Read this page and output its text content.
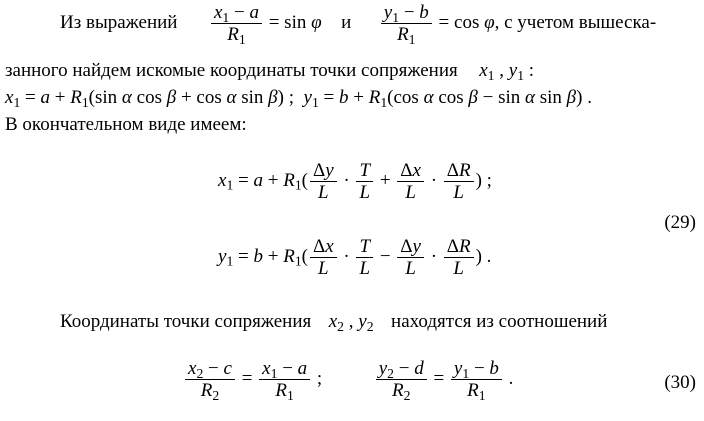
Из выражений $\frac{x_1 - a}{R_1} = \sin \varphi$ и $\frac{y_1 - b}{R_1} = \cos \varphi$, с учетом вышеска-
занного найдем искомые координаты точки сопряжения $x_1$ , $y_1$ :
$x_1 = a + R_1(\sin$ α cos β + cos α sin β) ;  $y_1 = b + R_1(\cos$ α cos β − sin α sin β) .
В окончательном виде имеем:
$x_1 = a + R_1( \frac{\Delta y}{L} \cdot \frac{T}{L} + \frac{\Delta x}{L} \cdot \frac{\Delta R}{L}$ ) ;
(29)
$y_1 = b + R_1( \frac{\Delta x}{L} \cdot \frac{T}{L} - \frac{\Delta y}{L} \cdot \frac{\Delta R}{L}$ ) .
Координаты точки сопряжения $x_2$ , $y_2$ находятся из соотношений
$\frac{x_2 - c}{R_2} = \frac{x_1 - a}{R_1}$ ;	$\frac{y_2 - d}{R_2} = \frac{y_1 - b}{R_1}$ .	(30)
